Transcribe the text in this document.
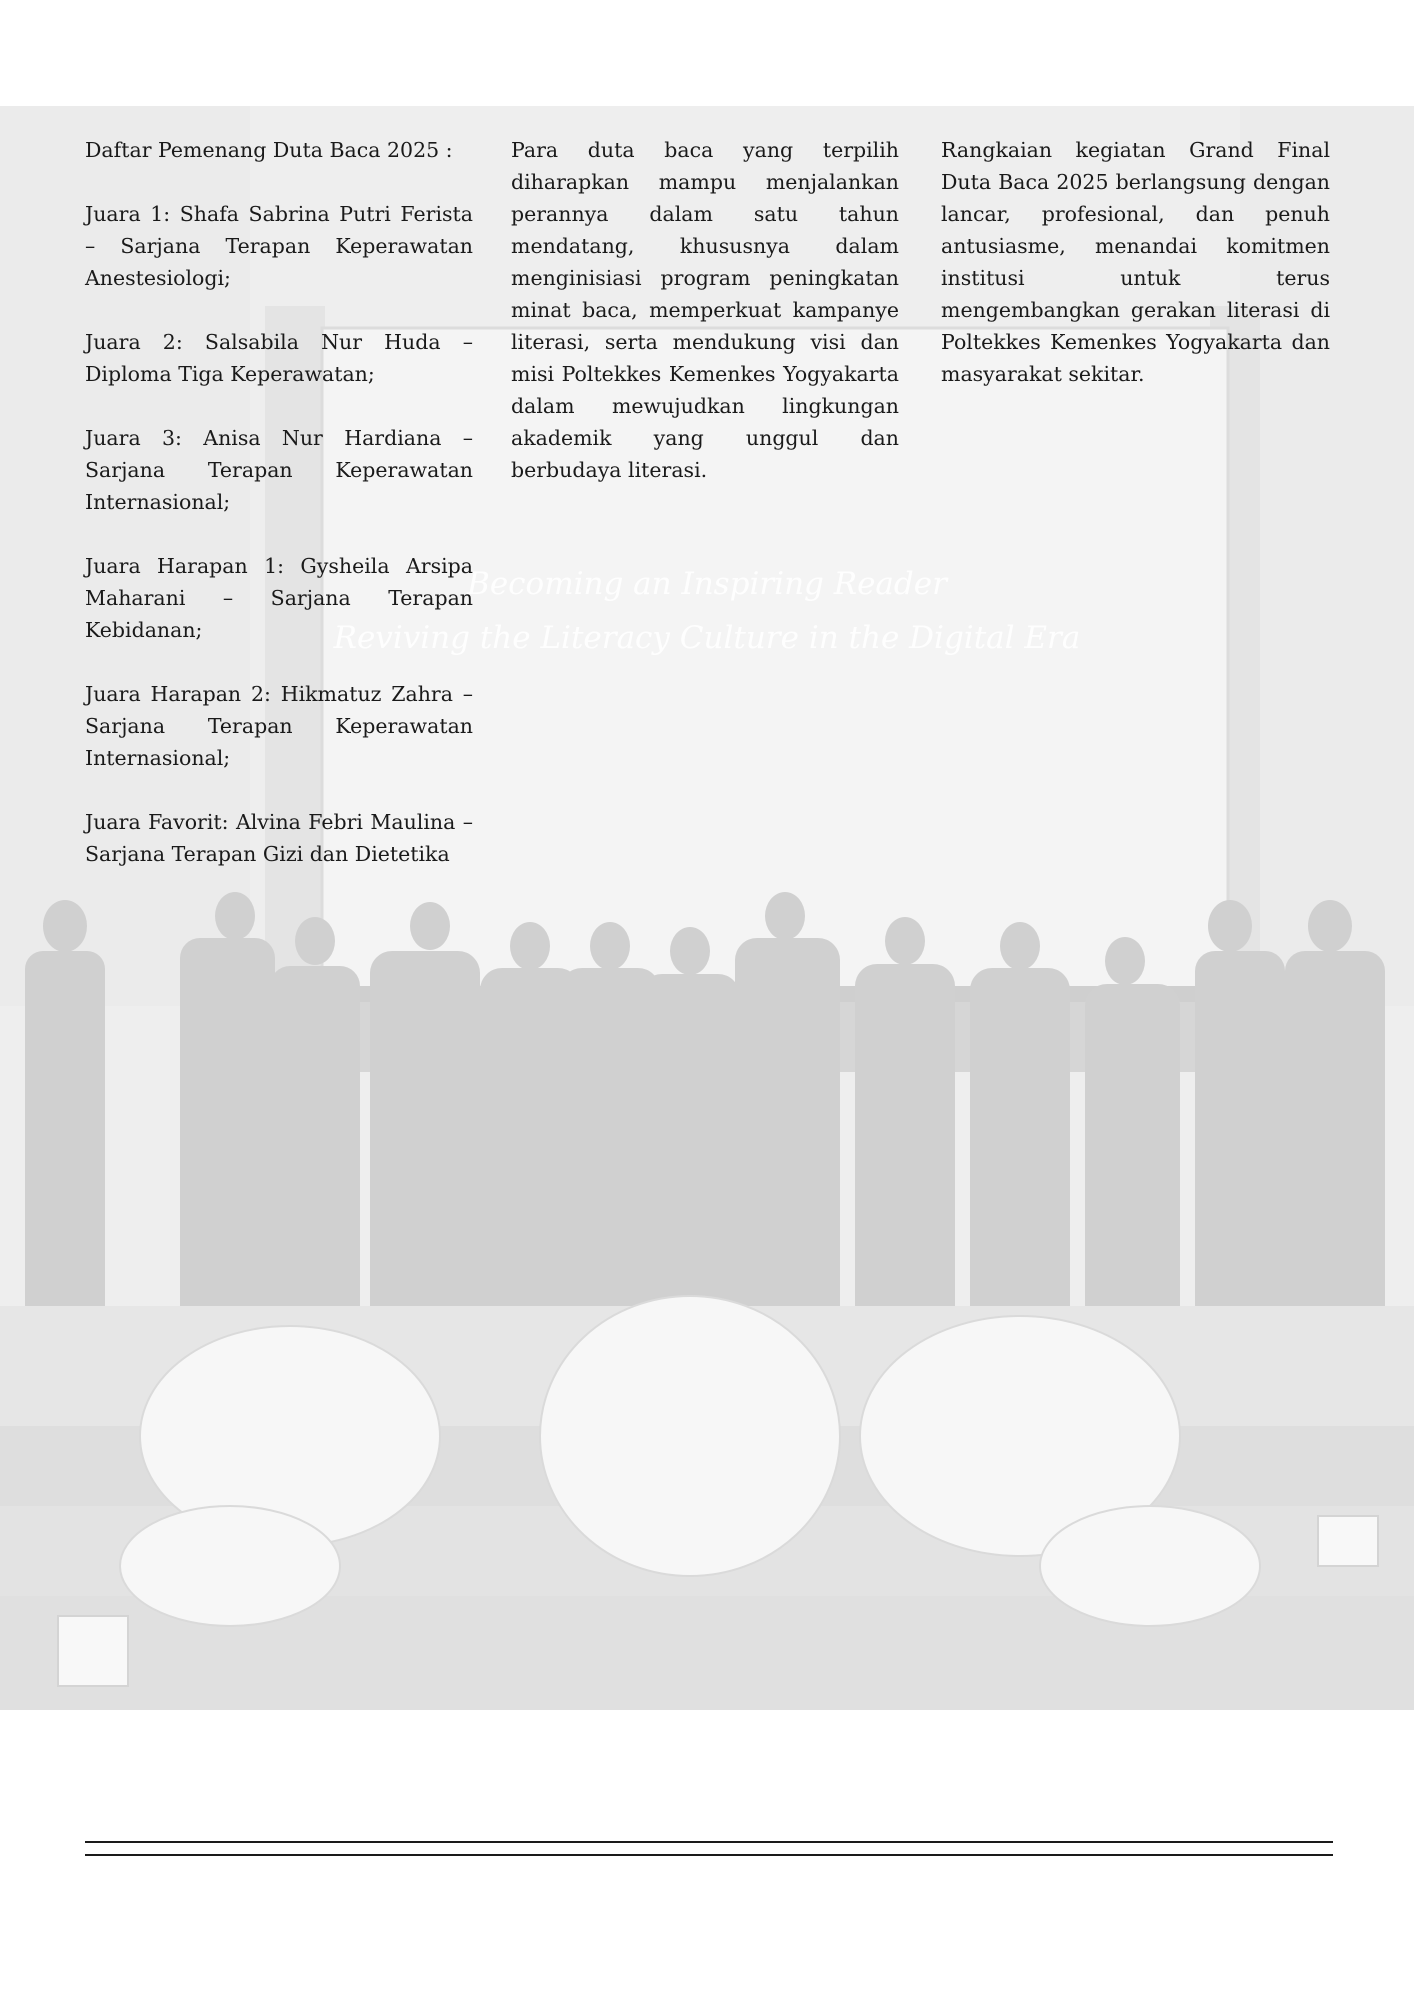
Becoming an Inspiring Reader
Reviving the Literacy Culture in the Digital Era

Daftar Pemenang Duta Baca 2025 :

Juara 1: Shafa Sabrina Putri Ferista – Sarjana Terapan Keperawatan Anestesiologi;

Juara 2: Salsabila Nur Huda – Diploma Tiga Keperawatan;

Juara 3: Anisa Nur Hardiana – Sarjana Terapan Keperawatan Internasional;

Juara Harapan 1: Gysheila Arsipa Maharani – Sarjana Terapan Kebidanan;

Juara Harapan 2: Hikmatuz Zahra – Sarjana Terapan Keperawatan Internasional;

Juara Favorit: Alvina Febri Maulina – Sarjana Terapan Gizi dan Dietetika

Para duta baca yang terpilih diharapkan mampu menjalankan perannya dalam satu tahun mendatang, khususnya dalam menginisiasi program peningkatan minat baca, memperkuat kampanye literasi, serta mendukung visi dan misi Poltekkes Kemenkes Yogyakarta dalam mewujudkan lingkungan akademik yang unggul dan berbudaya literasi.

Rangkaian kegiatan Grand Final Duta Baca 2025 berlangsung dengan lancar, profesional, dan penuh antusiasme, menandai komitmen institusi untuk terus mengembangkan gerakan literasi di Poltekkes Kemenkes Yogyakarta dan masyarakat sekitar.
